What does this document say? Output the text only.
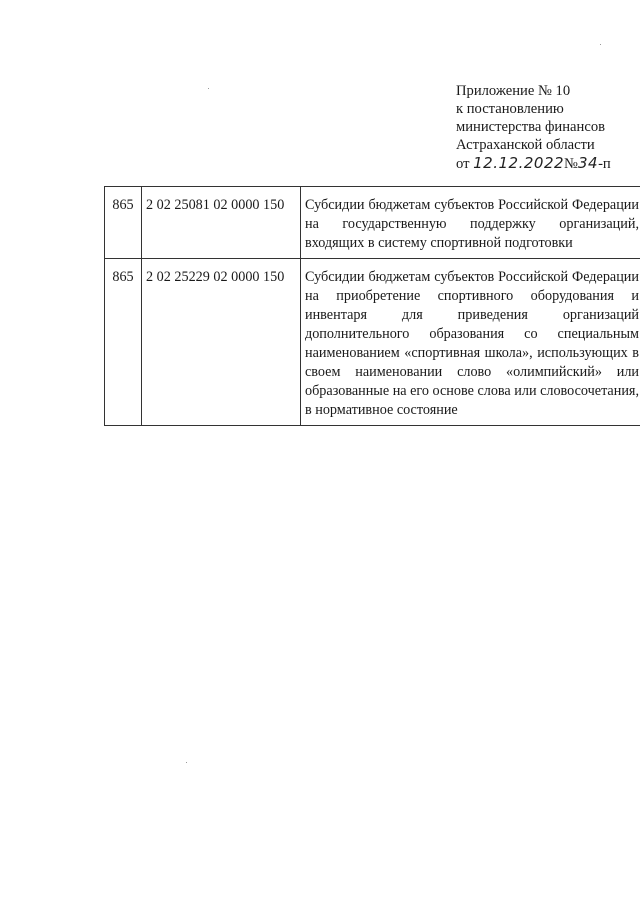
Приложение № 10
к постановлению
министерства финансов
Астраханской области
от 12.12.2022№34-п
865	2 02 25081 02 0000 150	Субсидии бюджетам субъектов Российской Федерации на государственную поддержку организаций, входящих в систему спортивной подготовки
865	2 02 25229 02 0000 150	Субсидии бюджетам субъектов Российской Федерации на приобретение спортивного оборудования и инвентаря для приведения организаций дополнительного образования со специальным наименованием «спортивная школа», использующих в своем наименовании слово «олимпийский» или образованные на его основе слова или словосочетания, в нормативное состояние
